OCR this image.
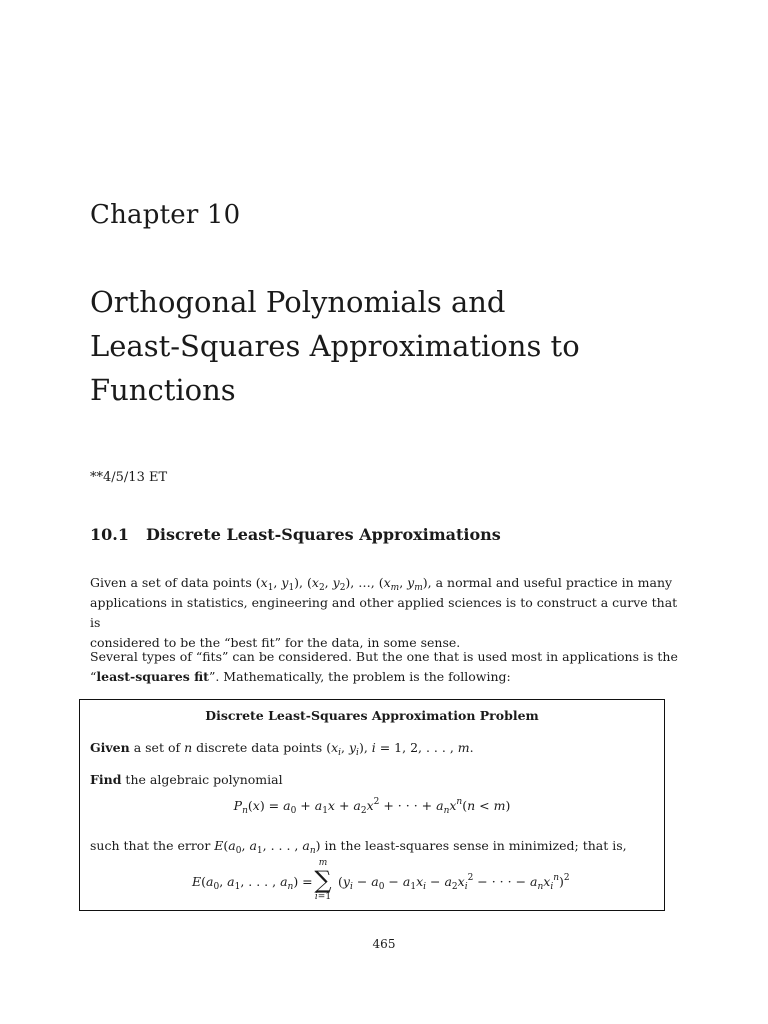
Chapter 10
Orthogonal Polynomials and
Least-Squares Approximations to
Functions
**4/5/13 ET
10.1 Discrete Least-Squares Approximations
Given a set of data points ($x_1$, $y_1$), ($x_2$, $y_2$), …, ($x_m$, $y_m$), a normal and useful practice in many
applications in statistics, engineering and other applied sciences is to construct a curve that is
considered to be the “best fit” for the data, in some sense.
Several types of “fits” can be considered. But the one that is used most in applications is the
“least-squares fit”. Mathematically, the problem is the following:
Discrete Least-Squares Approximation Problem
Given a set of n discrete data points ($x_i$, $y_i$), i = 1, 2, . . . , m.
Find the algebraic polynomial
$P_n(x) = a_0 + a_1x + a_2x^2$ + · · · + $a_nx^n(n < m)$
such that the error $E(a_0$, $a_1$, . . . , $a_n$) in the least-squares sense in minimized; that is,
$E(a_0$, $a_1$, . . . , $a_n$) =
m
∑
i=1
($y_i - a_0 - a_1x_i - a_2x_i^2$ − · · · − $a_nx_i^n)^2$
465
